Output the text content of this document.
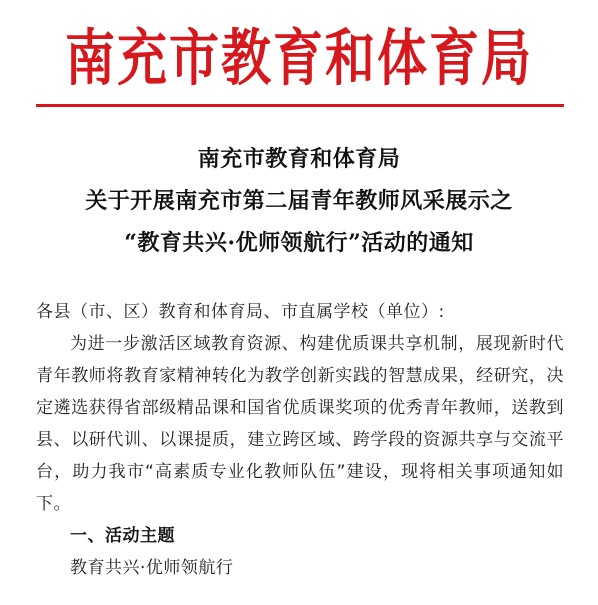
南充市教育和体育局
南充市教育和体育局
关于开展南充市第二届青年教师风采展示之
“教育共兴·优师领航行”活动的通知
各县（市、区）教育和体育局、市直属学校（单位）:
为进一步激活区域教育资源、构建优质课共享机制，展现新时代青年教师将教育家精神转化为教学创新实践的智慧成果，经研究，决定遴选获得省部级精品课和国省优质课奖项的优秀青年教师，送教到县、以研代训、以课提质，建立跨区域、跨学段的资源共享与交流平台，助力我市“高素质专业化教师队伍”建设，现将相关事项通知如下。
一、活动主题
教育共兴·优师领航行
